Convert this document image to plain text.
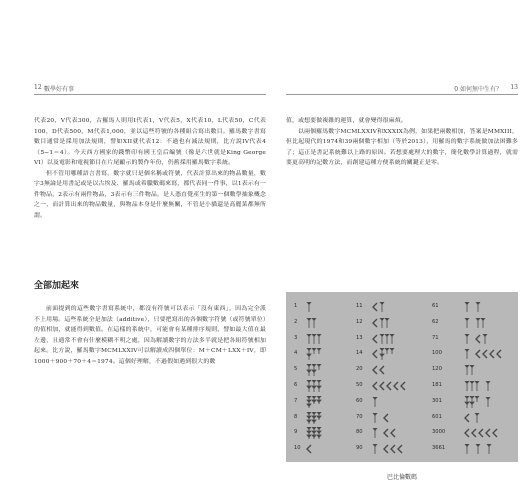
12 數學好有事
代表20，V代表300，古羅馬人則用I代表1，V代表5，X代表10，L代表50，C代表100，D代表500，M代表1,000，並以這些符號的各種組合寫出數目。羅馬數字書寫數目通常是採用加法規則，譬如XII就代表12：不過也有減法規則，比方說IV代表4（5−1＝4）。今天西方國家的錢幣印有國王皇后編號（像是六世就是King George VI）以及電影和電視節目在片尾顯示的製作年份，仍舊採用羅馬數字系統。
但不管用哪種語言書寫，數字就只是個名稱或符號，代表計算出來的物品數量，數字3無論是用書記或是以古埃及、羅馬或希臘數碼來寫，都代表同一件事，以1表示有一件物品，2表示有兩件物品，3表示有三件物品，是人憑直覺產生的第一個數學抽象概念之一，而計算出來的物品數量，與物品本身是什麼無關，不管是小貓還是高麗菜都無所謂。
全部加起來
前面提到的這些數字書寫系統中，都沒有符號可以表示「沒有東西」，因為完全派不上用場。這些系統全是加法（additive），只要把寫出的各個數字符號（或符號單位）的值相加，就能得到數值。在這樣的系統中，可能會有某種排序規則，譬如最大值在最左邊，且通常不會有什麼模糊不明之處，因為解讀數字的方法多半就是把各組符號相加起來。比方說，羅馬數字MCMLXXIV可以解讀成四個單位：M＋CM＋LXX＋IV，即1000＋900＋70＋4＝1974。這個好理解，不過假如遇到很大的數
0 如何無中生有？ 13
值，或想要做複雜的運算，就會變得很麻煩。
以兩個羅馬數字MCMLXXIV和XXXIX為例，如果把兩數相加，答案是MMXIII，但比起現代的1974和39兩個數字相加（等於2013），用羅馬的數字系統做加法困難多了；這正是書記系統難以上路的原因。若想要處理大的數字，簡化數學計算過程，就需要更高明的記數方法，而創建這種方便系統的關鍵正是零。
1
2
3
4
5
6
7
8
9
10
11
12
13
14
20
50
60
70
80
90
61
62
71
100
120
181
301
601
3000
3661
巴比倫數碼
